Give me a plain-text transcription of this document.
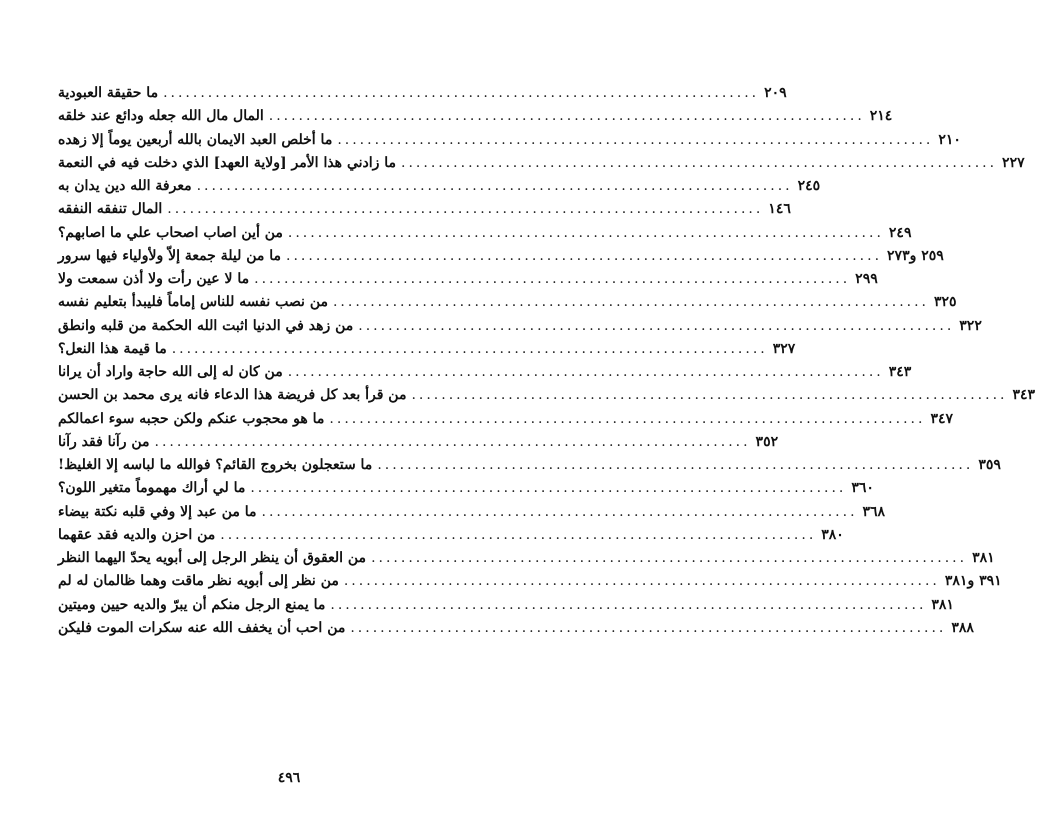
ما حقيقة العبودية ................................................................................ ٢٠٩
المال مال الله جعله ودائع عند خلقه ................................................................................ ٢١٤
ما أخلص العبد الايمان بالله أربعين يوماً إلا زهده ................................................................................ ٢١٠
ما زادني هذا الأمر [ولاية العهد] الذي دخلت فيه في النعمة ................................................................................ ٢٢٧
معرفة الله دين يدان به ................................................................................ ٢٤٥
المال تنفقه النفقه ................................................................................ ١٤٦
من أين اصاب اصحاب علي ما اصابهم؟ ................................................................................ ٢٤٩
ما من ليلة جمعة إلاّ ولأولياء فيها سرور ................................................................................ ٢٥٩ و٢٧٣
ما لا عين رأت ولا أذن سمعت ولا ................................................................................ ٢٩٩
من نصب نفسه للناس إماماً فليبدأ بتعليم نفسه ................................................................................ ٣٢٥
من زهد في الدنيا اثبت الله الحكمة من قلبه وانطق ................................................................................ ٣٢٢
ما قيمة هذا النعل؟ ................................................................................ ٣٢٧
من كان له إلى الله حاجة واراد أن يرانا ................................................................................ ٣٤٣
من قرأ بعد كل فريضة هذا الدعاء فانه يرى محمد بن الحسن ................................................................................ ٣٤٣
ما هو محجوب عنكم ولكن حجبه سوء اعمالكم ................................................................................ ٣٤٧
من رآنا فقد رآنا ................................................................................ ٣٥٢
ما ستعجلون بخروج القائم؟ فوالله ما لباسه إلا الغليظ! ................................................................................ ٣٥٩
ما لي أراك مهموماً متغير اللون؟ ................................................................................ ٣٦٠
ما من عبد إلا وفي قلبه نكتة بيضاء ................................................................................ ٣٦٨
من احزن والديه فقد عقهما ................................................................................ ٣٨٠
من العقوق أن ينظر الرجل إلى أبويه يحدّ اليهما النظر ................................................................................ ٣٨١
من نظر إلى أبويه نظر ماقت وهما ظالمان له لم ................................................................................ ٣٩١ و٣٨١
ما يمنع الرجل منكم أن يبرّ والديه حيين وميتين ................................................................................ ٣٨١
من احب أن يخفف الله عنه سكرات الموت فليكن ................................................................................ ٣٨٨
٤٩٦
